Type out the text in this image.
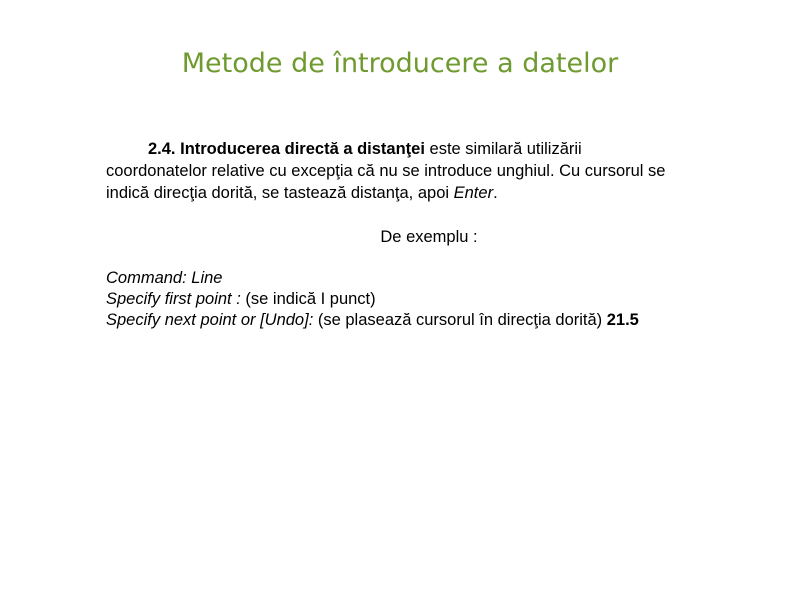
Metode de întroducere a datelor
2.4. Introducerea directă a distanţei este similară utilizării
coordonatelor relative cu excepţia că nu se introduce unghiul. Cu cursorul se
indică direcţia dorită, se tastează distanţa, apoi Enter.
De exemplu :
Command: Line
Specify first point : (se indică I punct)
Specify next point or [Undo]: (se plasează cursorul în direcţia dorită) 21.5
